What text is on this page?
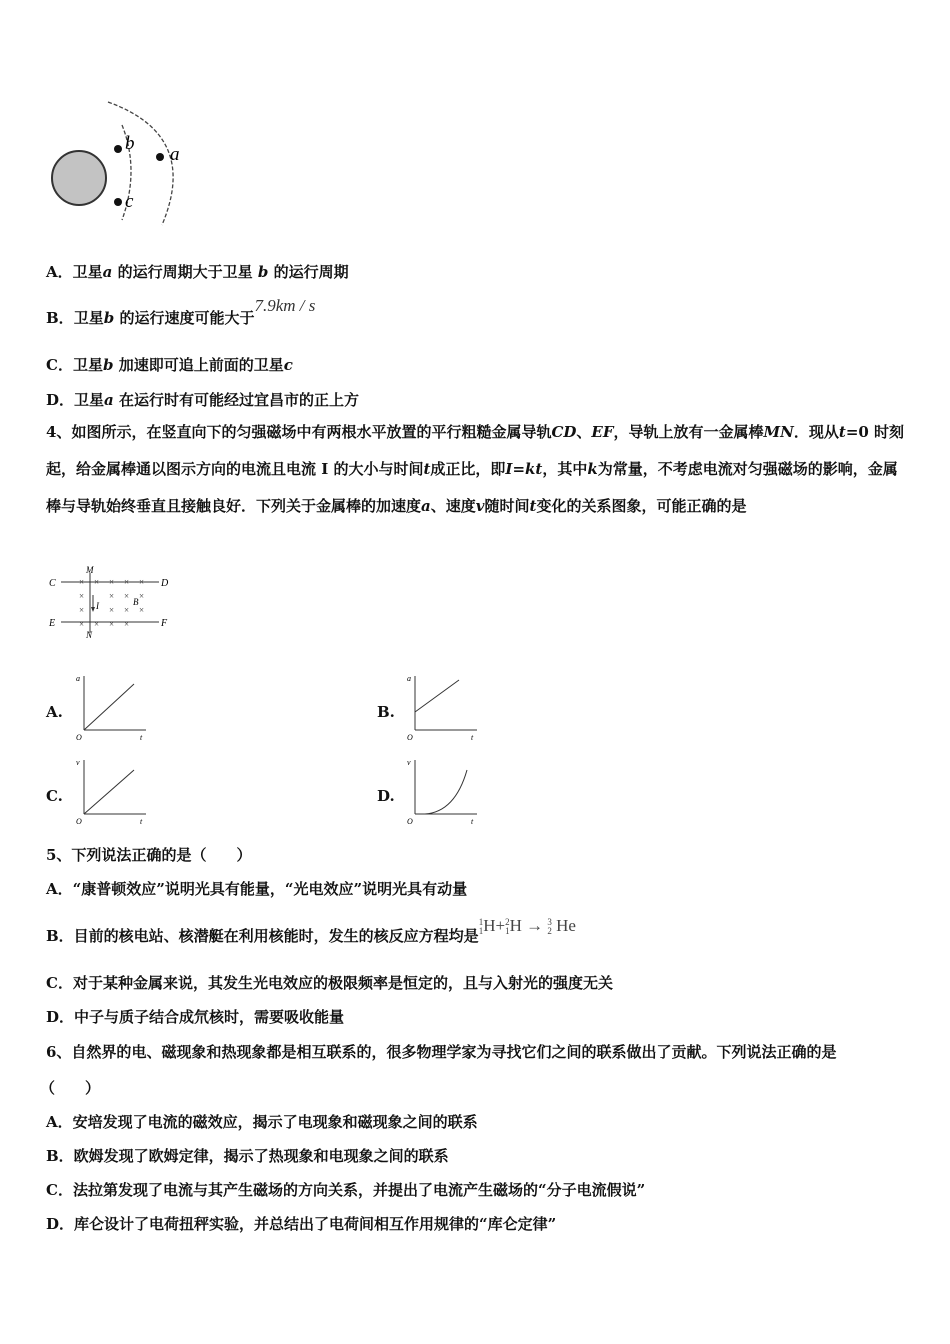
b
c
a
A．卫星a 的运行周期大于卫星 b 的运行周期
B．卫星b 的运行速度可能大于7.9km / s
C．卫星b 加速即可追上前面的卫星c
D．卫星a 在运行时有可能经过宜昌市的正上方
4、如图所示，在竖直向下的匀强磁场中有两根水平放置的平行粗糙金属导轨CD、EF，导轨上放有一金属棒MN．现从t=0 时刻起，给金属棒通以图示方向的电流且电流 I 的大小与时间t成正比，即I=kt，其中k为常量，不考虑电流对匀强磁场的影响，金属棒与导轨始终垂直且接触良好．下列关于金属棒的加速度a、速度v随时间t变化的关系图象，可能正确的是
C	D
E	F
M
N
B
I
× × × × ×
×	× × ×
×	× × ×
× × × ×
A.
a
t
O
B.
a
t
O
C.
v
t
O
D.
v
t
O
5、下列说法正确的是（　　）
A．“康普顿效应”说明光具有能量，“光电效应”说明光具有动量
B．目前的核电站、核潜艇在利用核能时，发生的核反应方程均是
1
1 H+ 2
1 H → 3
2 He
C．对于某种金属来说，其发生光电效应的极限频率是恒定的，且与入射光的强度无关
D．中子与质子结合成氘核时，需要吸收能量
6、自然界的电、磁现象和热现象都是相互联系的，很多物理学家为寻找它们之间的联系做出了贡献。下列说法正确的是
（　　）
A．安培发现了电流的磁效应，揭示了电现象和磁现象之间的联系
B．欧姆发现了欧姆定律，揭示了热现象和电现象之间的联系
C．法拉第发现了电流与其产生磁场的方向关系，并提出了电流产生磁场的“分子电流假说”
D．库仑设计了电荷扭秤实验，并总结出了电荷间相互作用规律的“库仑定律”
